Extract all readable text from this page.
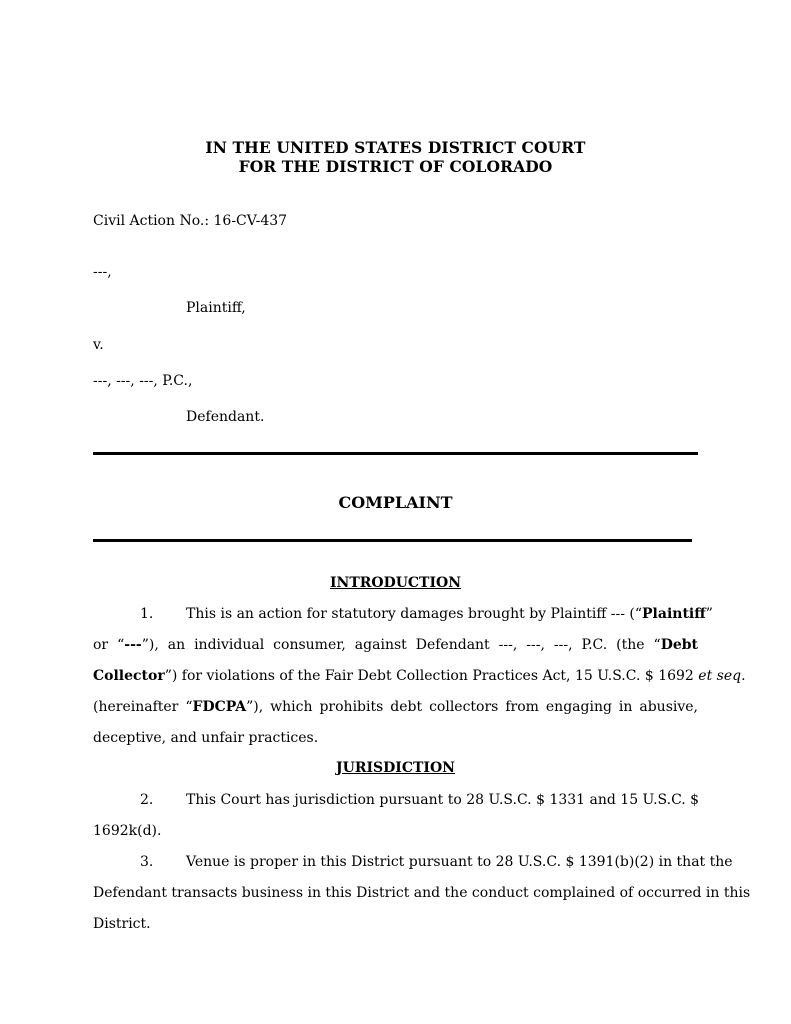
IN THE UNITED STATES DISTRICT COURT
FOR THE DISTRICT OF COLORADO
Civil Action No.: 16-CV-437
---,
Plaintiff,
v.
---, ---, ---, P.C.,
Defendant.
COMPLAINT
INTRODUCTION
1. This is an action for statutory damages brought by Plaintiff --- (“Plaintiff”
or “---”), an individual consumer, against Defendant ---, ---, ---, P.C. (the “Debt
Collector”) for violations of the Fair Debt Collection Practices Act, 15 U.S.C. $ 1692 et seq.
(hereinafter “FDCPA”), which prohibits debt collectors from engaging in abusive,
deceptive, and unfair practices.
JURISDICTION
2. This Court has jurisdiction pursuant to 28 U.S.C. $ 1331 and 15 U.S.C. $
1692k(d).
3. Venue is proper in this District pursuant to 28 U.S.C. $ 1391(b)(2) in that the
Defendant transacts business in this District and the conduct complained of occurred in this
District.
